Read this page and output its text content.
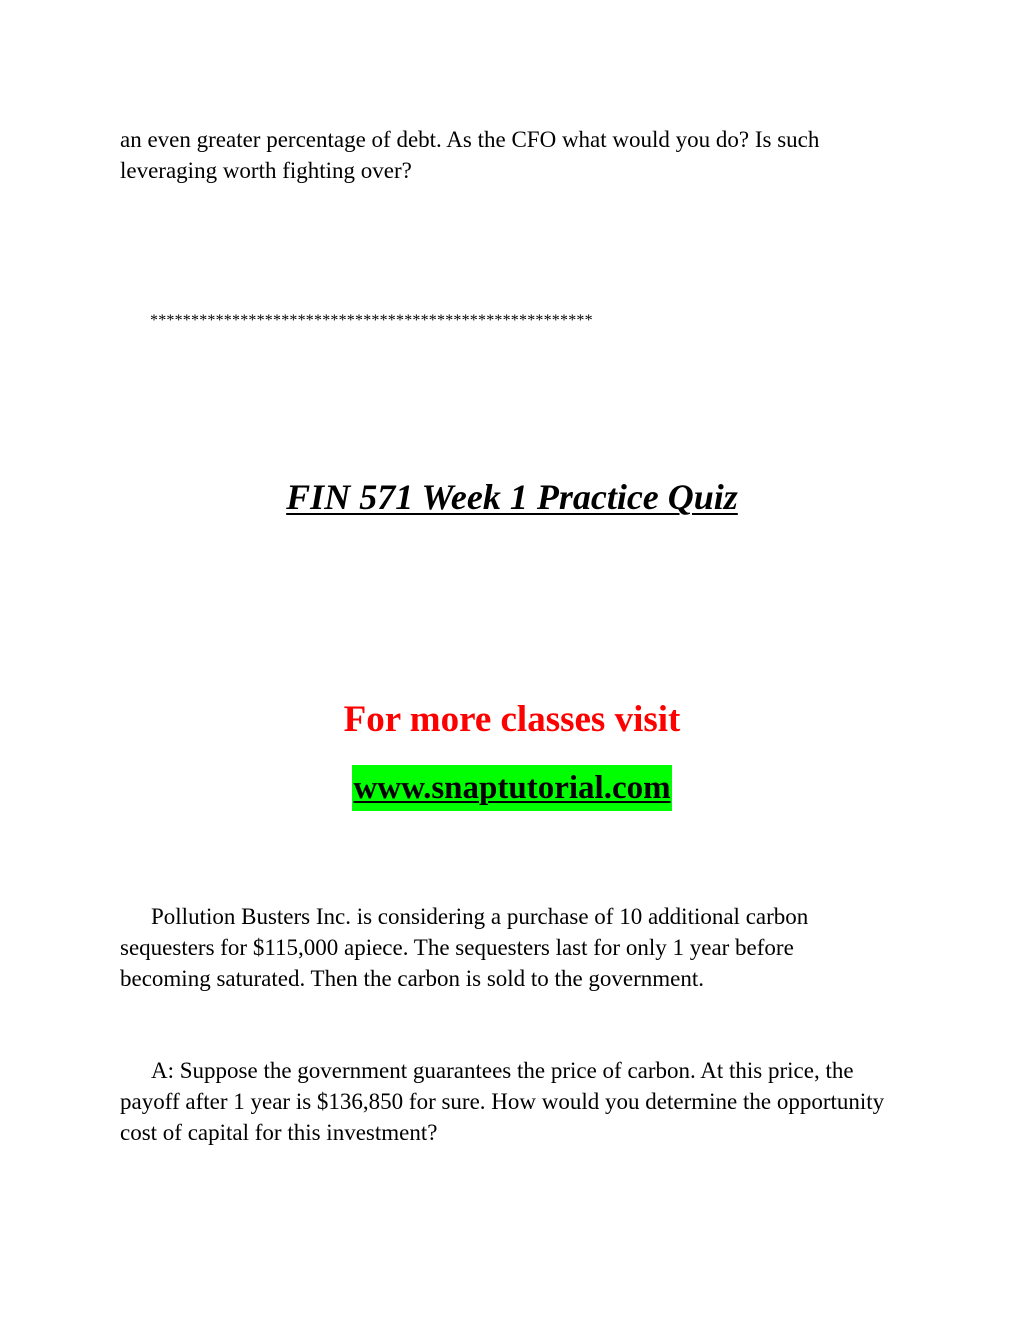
an even greater percentage of debt. As the CFO what would you do? Is such leveraging worth fighting over?

******************************************************
FIN 571 Week 1 Practice Quiz
For more classes visit
www.snaptutorial.com

Pollution Busters Inc. is considering a purchase of 10 additional carbon sequesters for $115,000 apiece. The sequesters last for only 1 year before becoming saturated. Then the carbon is sold to the government.

A: Suppose the government guarantees the price of carbon. At this price, the payoff after 1 year is $136,850 for sure. How would you determine the opportunity cost of capital for this investment?
